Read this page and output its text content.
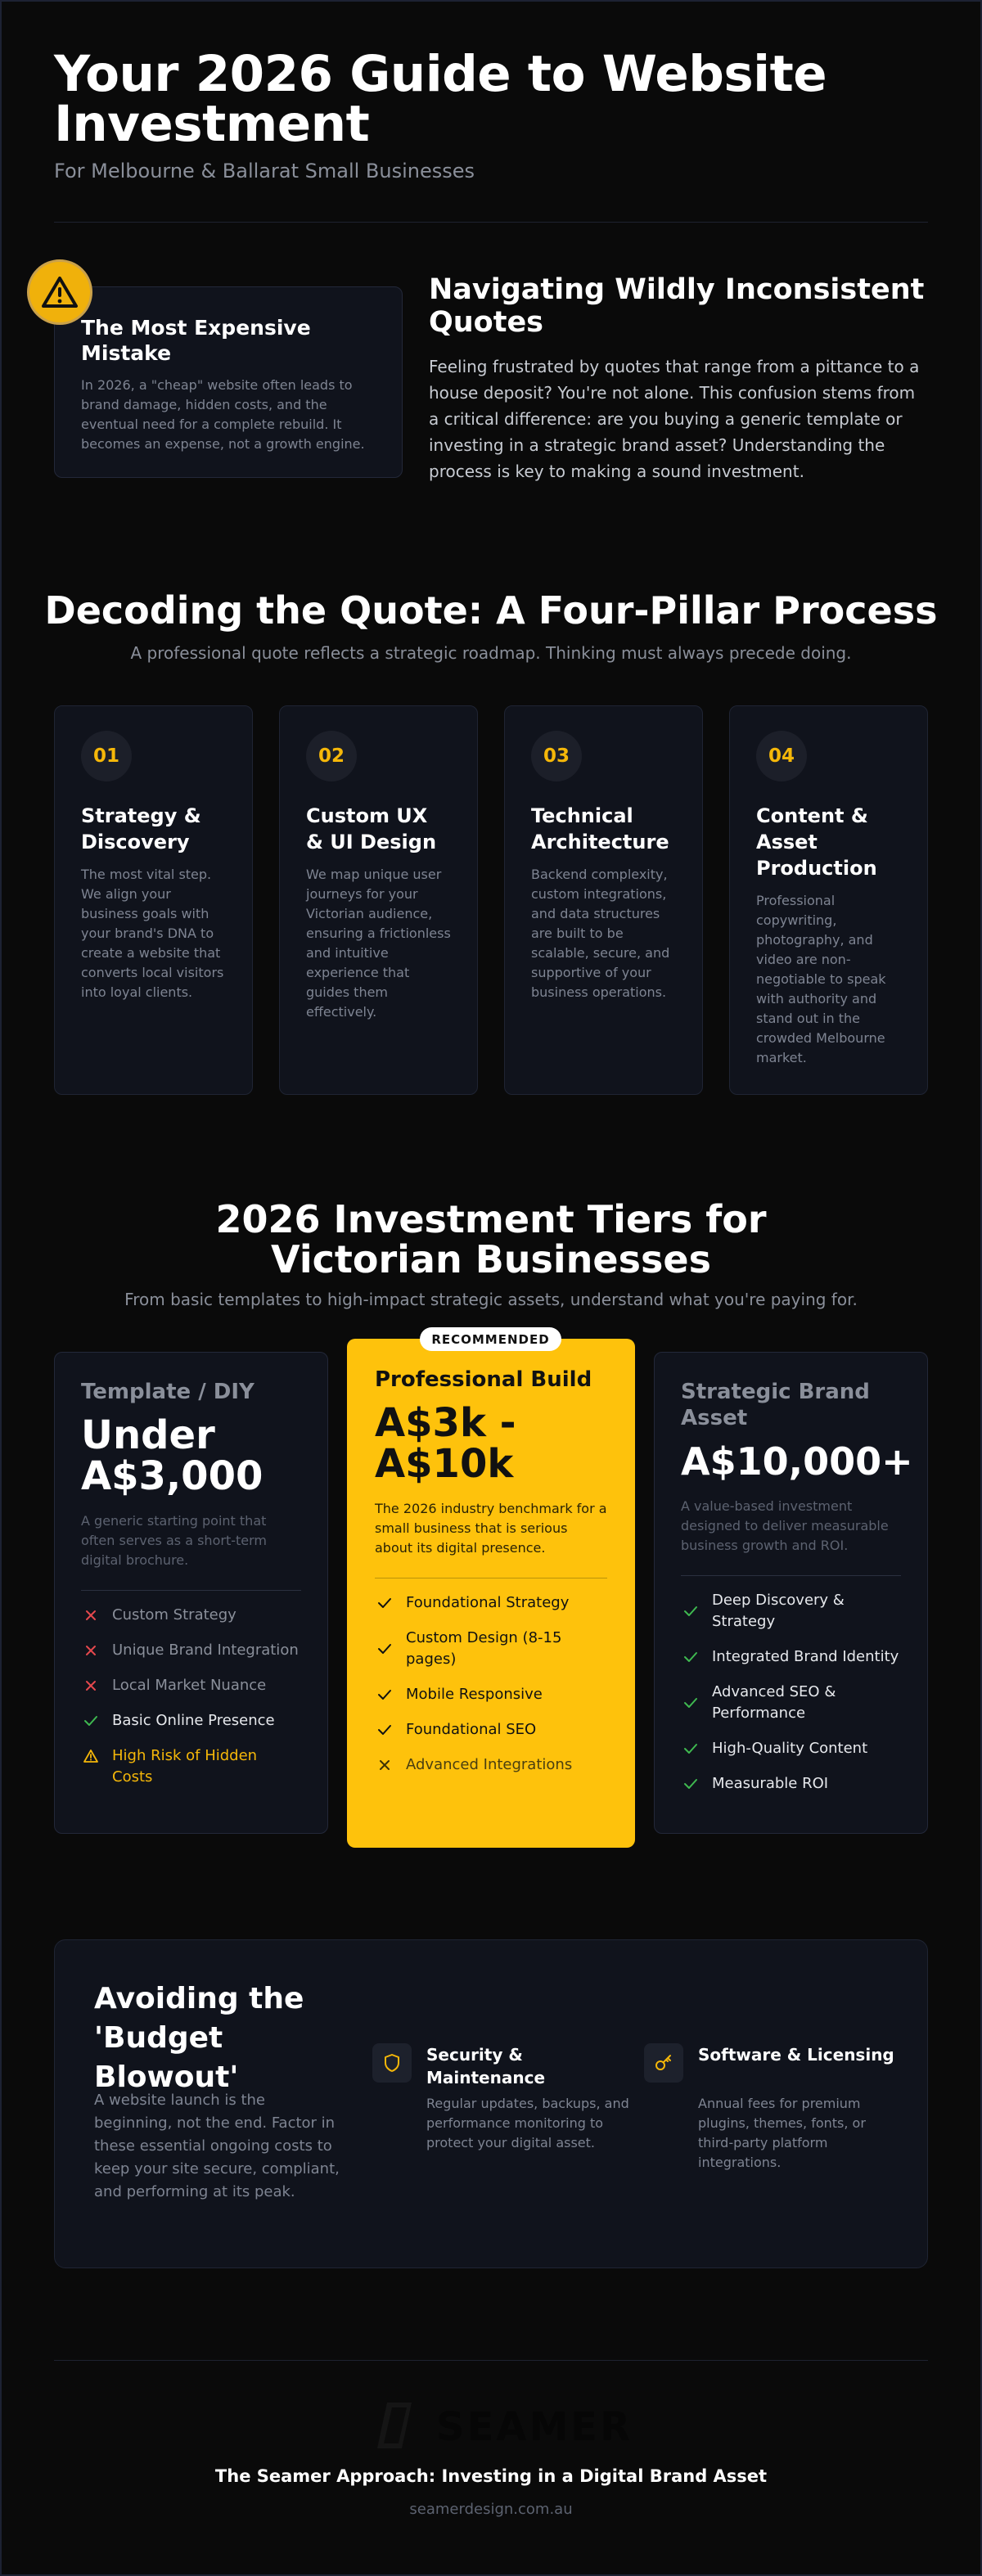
Your 2026 Guide to Website Investment
For Melbourne & Ballarat Small Businesses
The Most Expensive Mistake
In 2026, a "cheap" website often leads to brand damage, hidden costs, and the eventual need for a complete rebuild. It becomes an expense, not a growth engine.
Navigating Wildly Inconsistent Quotes

Feeling frustrated by quotes that range from a pittance to a house deposit? You're not alone. This confusion stems from a critical difference: are you buying a generic template or investing in a strategic brand asset? Understanding the process is key to making a sound investment.

Decoding the Quote: A Four-Pillar Process
A professional quote reflects a strategic roadmap. Thinking must always precede doing.
01
Strategy & Discovery
The most vital step. We align your business goals with your brand's DNA to create a website that converts local visitors into loyal clients.
02
Custom UX & UI Design
We map unique user journeys for your Victorian audience, ensuring a frictionless and intuitive experience that guides them effectively.
03
Technical Architecture
Backend complexity, custom integrations, and data structures are built to be scalable, secure, and supportive of your business operations.
04
Content & Asset Production
Professional copywriting, photography, and video are non-negotiable to speak with authority and stand out in the crowded Melbourne market.
2026 Investment Tiers for Victorian Businesses
From basic templates to high-impact strategic assets, understand what you're paying for.
Template / DIY
Under A$3,000
A generic starting point that often serves as a short-term digital brochure.
Custom Strategy
Unique Brand Integration
Local Market Nuance
Basic Online Presence
High Risk of Hidden Costs
Professional Build
A$3k - A$10k
The 2026 industry benchmark for a small business that is serious about its digital presence.
Foundational Strategy
Custom Design (8-15 pages)
Mobile Responsive
Foundational SEO
Advanced Integrations
RECOMMENDED
Strategic Brand Asset
A$10,000+
A value-based investment designed to deliver measurable business growth and ROI.
Deep Discovery & Strategy
Integrated Brand Identity
Advanced SEO & Performance
High-Quality Content
Measurable ROI
Avoiding the 'Budget Blowout'

A website launch is the beginning, not the end. Factor in these essential ongoing costs to keep your site secure, compliant, and performing at its peak.

Security & Maintenance
Regular updates, backups, and performance monitoring to protect your digital asset.
Software & Licensing
Annual fees for premium plugins, themes, fonts, or third-party platform integrations.
SEAMER
The Seamer Approach: Investing in a Digital Brand Asset
seamerdesign.com.au
